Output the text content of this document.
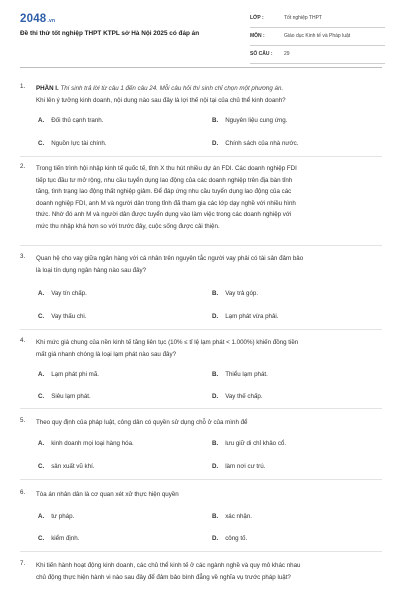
2048.vn
Đề thi thử tốt nghiệp THPT KTPL sở Hà Nội 2025 có đáp án
LỚP :	Tốt nghiệp THPT
MÔN :	Giáo dục Kinh tế và Pháp luật
SỐ CÂU : 29
1. PHẦN I. Thí sinh trả lời từ câu 1 đến câu 24. Mỗi câu hỏi thí sinh chỉ chọn một phương án.
Khi lên ý tưởng kinh doanh, nội dung nào sau đây là lợi thế nội tại của chủ thể kinh doanh?
A. Đối thủ cạnh tranh.	B. Nguyên liệu cung ứng.
C. Nguồn lực tài chính.	D. Chính sách của nhà nước.
2. Trong tiến trình hội nhập kinh tế quốc tế, tỉnh X thu hút nhiều dự án FDI. Các doanh nghiệp FDI
tiếp tục đầu tư mở rộng, nhu cầu tuyển dụng lao động của các doanh nghiệp trên địa bàn tỉnh
tăng, tình trạng lao động thất nghiệp giảm. Để đáp ứng nhu cầu tuyển dụng lao động của các
doanh nghiệp FDI, anh M và người dân trong tỉnh đã tham gia các lớp dạy nghề với nhiều hình
thức. Nhờ đó anh M và người dân được tuyển dụng vào làm việc trong các doanh nghiệp với
mức thu nhập khá hơn so với trước đây, cuộc sống được cải thiện.
3. Quan hệ cho vay giữa ngân hàng với cá nhân trên nguyên tắc người vay phải có tài sản đảm bảo
là loại tín dụng ngân hàng nào sau đây?
A. Vay tín chấp.	B. Vay trả góp.
C. Vay thấu chi.	D. Lạm phát vừa phải.
4. Khi mức giá chung của nền kinh tế tăng liên tục (10% ≤ tỉ lệ lạm phát < 1.000%) khiến đồng tiền
mất giá nhanh chóng là loại lạm phát nào sau đây?
A. Lạm phát phi mã.	B. Thiểu lạm phát.
C. Siêu lạm phát.	D. Vay thế chấp.
5. Theo quy định của pháp luật, công dân có quyền sử dụng chỗ ở của mình để
A. kinh doanh mọi loại hàng hóa.	B. lưu giữ di chỉ khảo cổ.
C. sản xuất vũ khí.	D. làm nơi cư trú.
6. Tòa án nhân dân là cơ quan xét xử thực hiện quyền
A. tư pháp.	B. xác nhận.
C. kiểm định.	D. công tố.
7. Khi tiến hành hoạt động kinh doanh, các chủ thể kinh tế ở các ngành nghề và quy mô khác nhau
chủ động thực hiện hành vi nào sau đây để đảm bảo bình đẳng về nghĩa vụ trước pháp luật?
